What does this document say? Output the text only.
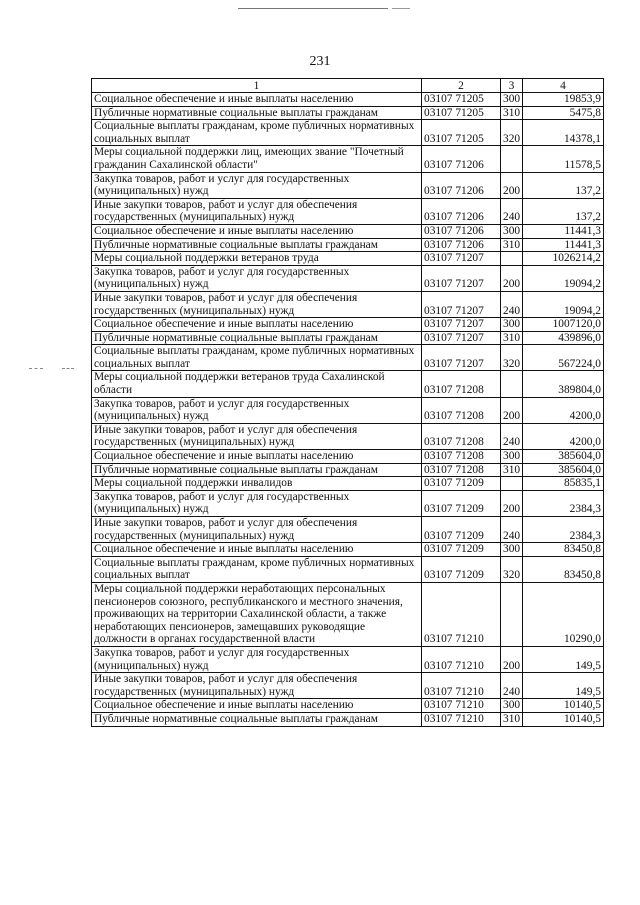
231
1	2	3	4
Социальное обеспечение и иные выплаты населению	03107 71205	300	19853,9
Публичные нормативные социальные выплаты гражданам	03107 71205	310	5475,8
Социальные выплаты гражданам, кроме публичных нормативных социальных выплат	03107 71205	320	14378,1
Меры социальной поддержки лиц, имеющих звание "Почетный гражданин Сахалинской области"	03107 71206		11578,5
Закупка товаров, работ и услуг для государственных (муниципальных) нужд	03107 71206	200	137,2
Иные закупки товаров, работ и услуг для обеспечения государственных (муниципальных) нужд	03107 71206	240	137,2
Социальное обеспечение и иные выплаты населению	03107 71206	300	11441,3
Публичные нормативные социальные выплаты гражданам	03107 71206	310	11441,3
Меры социальной поддержки ветеранов труда	03107 71207		1026214,2
Закупка товаров, работ и услуг для государственных (муниципальных) нужд	03107 71207	200	19094,2
Иные закупки товаров, работ и услуг для обеспечения государственных (муниципальных) нужд	03107 71207	240	19094,2
Социальное обеспечение и иные выплаты населению	03107 71207	300	1007120,0
Публичные нормативные социальные выплаты гражданам	03107 71207	310	439896,0
Социальные выплаты гражданам, кроме публичных нормативных социальных выплат	03107 71207	320	567224,0
Меры социальной поддержки ветеранов труда Сахалинской области	03107 71208		389804,0
Закупка товаров, работ и услуг для государственных (муниципальных) нужд	03107 71208	200	4200,0
Иные закупки товаров, работ и услуг для обеспечения государственных (муниципальных) нужд	03107 71208	240	4200,0
Социальное обеспечение и иные выплаты населению	03107 71208	300	385604,0
Публичные нормативные социальные выплаты гражданам	03107 71208	310	385604,0
Меры социальной поддержки инвалидов	03107 71209		85835,1
Закупка товаров, работ и услуг для государственных (муниципальных) нужд	03107 71209	200	2384,3
Иные закупки товаров, работ и услуг для обеспечения государственных (муниципальных) нужд	03107 71209	240	2384,3
Социальное обеспечение и иные выплаты населению	03107 71209	300	83450,8
Социальные выплаты гражданам, кроме публичных нормативных социальных выплат	03107 71209	320	83450,8
Меры социальной поддержки неработающих персональных пенсионеров союзного, республиканского и местного значения, проживающих на территории Сахалинской области, а также неработающих пенсионеров, замещавших руководящие должности в органах государственной власти	03107 71210		10290,0
Закупка товаров, работ и услуг для государственных (муниципальных) нужд	03107 71210	200	149,5
Иные закупки товаров, работ и услуг для обеспечения государственных (муниципальных) нужд	03107 71210	240	149,5
Социальное обеспечение и иные выплаты населению	03107 71210	300	10140,5
Публичные нормативные социальные выплаты гражданам	03107 71210	310	10140,5
